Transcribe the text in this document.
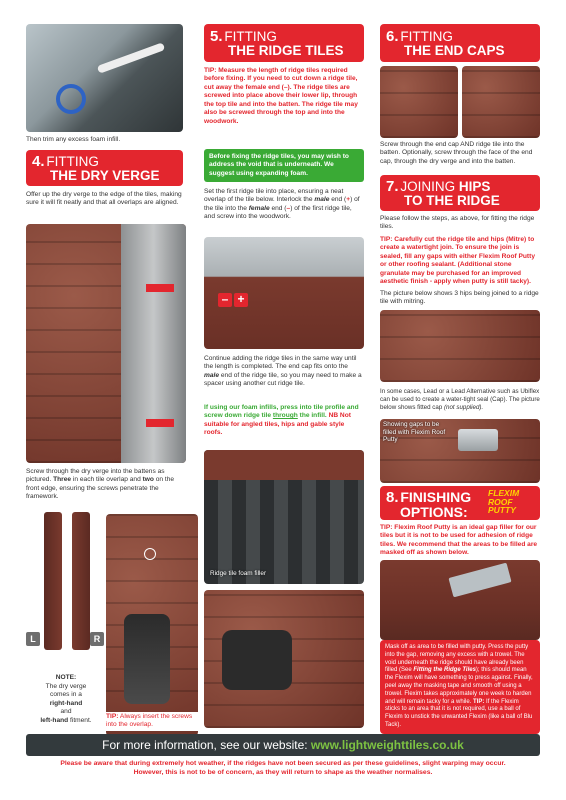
Then trim any excess foam infill.
4. FITTING
THE DRY VERGE
Offer up the dry verge to the edge of the tiles, making sure it will fit neatly and that all overlaps are aligned.
Screw through the dry verge into the battens as pictured. Three in each tile overlap and two on the front edge, ensuring the screws penetrate the framework.
L	R
NOTE:
The dry verge
comes in a
right-hand
and
left-hand fitment.
TIP: Always insert the screws into the overlap.
5. FITTING
THE RIDGE TILES
TIP: Measure the length of ridge tiles required before fixing. If you need to cut down a ridge tile, cut away the female end (–). The ridge tiles are screwed into place above their lower lip, through the top tile and into the batten. The ridge tile may also be screwed through the top and into the woodwork.
Before fixing the ridge tiles, you may wish to address the void that is underneath. We suggest using expanding foam.
Set the first ridge tile into place, ensuring a neat overlap of the tile below. Interlock the male end (+) of the tile into the female end (–) of the first ridge tile, and screw into the woodwork.
– +
Continue adding the ridge tiles in the same way until the length is completed. The end cap fits onto the male end of the ridge tile, so you may need to make a spacer using another cut ridge tile.
If using our foam infills, press into tile profile and screw down ridge tile through the infill. NB Not suitable for angled tiles, hips and gable style roofs.
Ridge tile foam filler
6. FITTING
THE END CAPS
Screw through the end cap AND ridge tile into the batten. Optionally, screw through the face of the end cap, through the dry verge and into the batten.
7. JOINING HIPS
TO THE RIDGE
Please follow the steps, as above, for fitting the ridge tiles.
TIP: Carefully cut the ridge tile and hips (Mitre) to create a watertight join. To ensure the join is sealed, fill any gaps with either Flexim Roof Putty or other roofing sealant. (Additional stone granulate may be purchased for an improved aesthetic finish - apply when putty is still tacky).
The picture below shows 3 hips being joined to a ridge tile with mitring.
In some cases, Lead or a Lead Alternative such as Ubiflex can be used to create a water-tight seal (Cap). The picture below shows fitted cap (not supplied).
Showing gaps to be filled with Flexim Roof Putty
8. FINISHING
OPTIONS:
FLEXIM
ROOF
PUTTY
TIP: Flexim Roof Putty is an ideal gap filler for our tiles but it is not to be used for adhesion of ridge tiles. We recommend that the areas to be filled are masked off as shown below.
Mask off as area to be filled with putty. Press the putty into the gap, removing any excess with a trowel. The void underneath the ridge should have already been filled (See Fitting the Ridge Tiles); this should mean the Flexim will have something to press against. Finally, peel away the masking tape and smooth off using a trowel. Flexim takes approximately one week to harden and will remain tacky for a while. TIP: If the Flexim sticks to an area that it is not required, use a ball of Flexim to unstick the unwanted Flexim (like a ball of Blu Tack).
For more information, see our website: www.lightweighttiles.co.uk
Please be aware that during extremely hot weather, if the ridges have not been secured as per these guidelines, slight warping may occur.
However, this is not to be of concern, as they will return to shape as the weather normalises.
